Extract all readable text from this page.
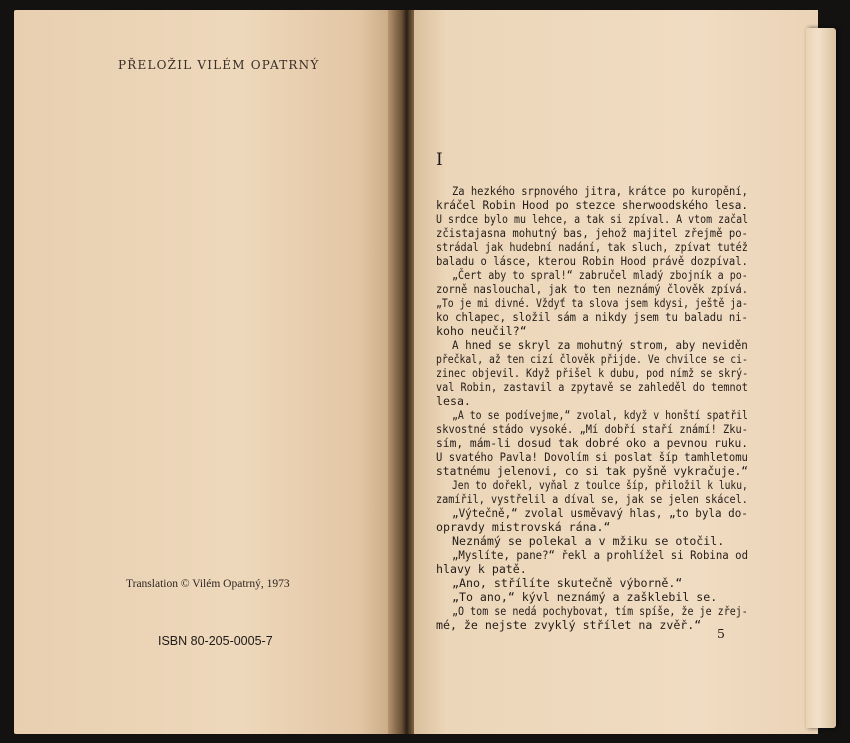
PŘELOŽIL VILÉM OPATRNÝ
Translation © Vilém Opatrný, 1973
ISBN 80-205-0005-7
I
Za hezkého srpnového jitra, krátce po kuropění,
kráčel Robin Hood po stezce sherwoodského lesa.
U srdce bylo mu lehce, a tak si zpíval. A vtom začal
zčistajasna mohutný bas, jehož majitel zřejmě po-
strádal jak hudební nadání, tak sluch, zpívat tutéž
baladu o lásce, kterou Robin Hood právě dozpíval.
„Čert aby to spral!“ zabručel mladý zbojník a po-
zorně naslouchal, jak to ten neznámý člověk zpívá.
„To je mi divné. Vždyť ta slova jsem kdysi, ještě ja-
ko chlapec, složil sám a nikdy jsem tu baladu ni-
koho neučil?“
A hned se skryl za mohutný strom, aby neviděn
přečkal, až ten cizí člověk přijde. Ve chvilce se ci-
zinec objevil. Když přišel k dubu, pod nímž se skrý-
val Robin, zastavil a zpytavě se zahleděl do temnot
lesa.
„A to se podívejme,“ zvolal, když v honští spatřil
skvostné stádo vysoké. „Mí dobří staří známí! Zku-
sím, mám-li dosud tak dobré oko a pevnou ruku.
U svatého Pavla! Dovolím si poslat šíp tamhletomu
statnému jelenovi, co si tak pyšně vykračuje.“
Jen to dořekl, vyňal z toulce šíp, přiložil k luku,
zamířil, vystřelil a díval se, jak se jelen skácel.
„Výtečně,“ zvolal usměvavý hlas, „to byla do-
opravdy mistrovská rána.“
Neznámý se polekal a v mžiku se otočil.
„Myslíte, pane?“ řekl a prohlížel si Robina od
hlavy k patě.
„Ano, střílíte skutečně výborně.“
„To ano,“ kývl neznámý a zašklebil se.
„O tom se nedá pochybovat, tím spíše, že je zřej-
mé, že nejste zvyklý střílet na zvěř.“
5
